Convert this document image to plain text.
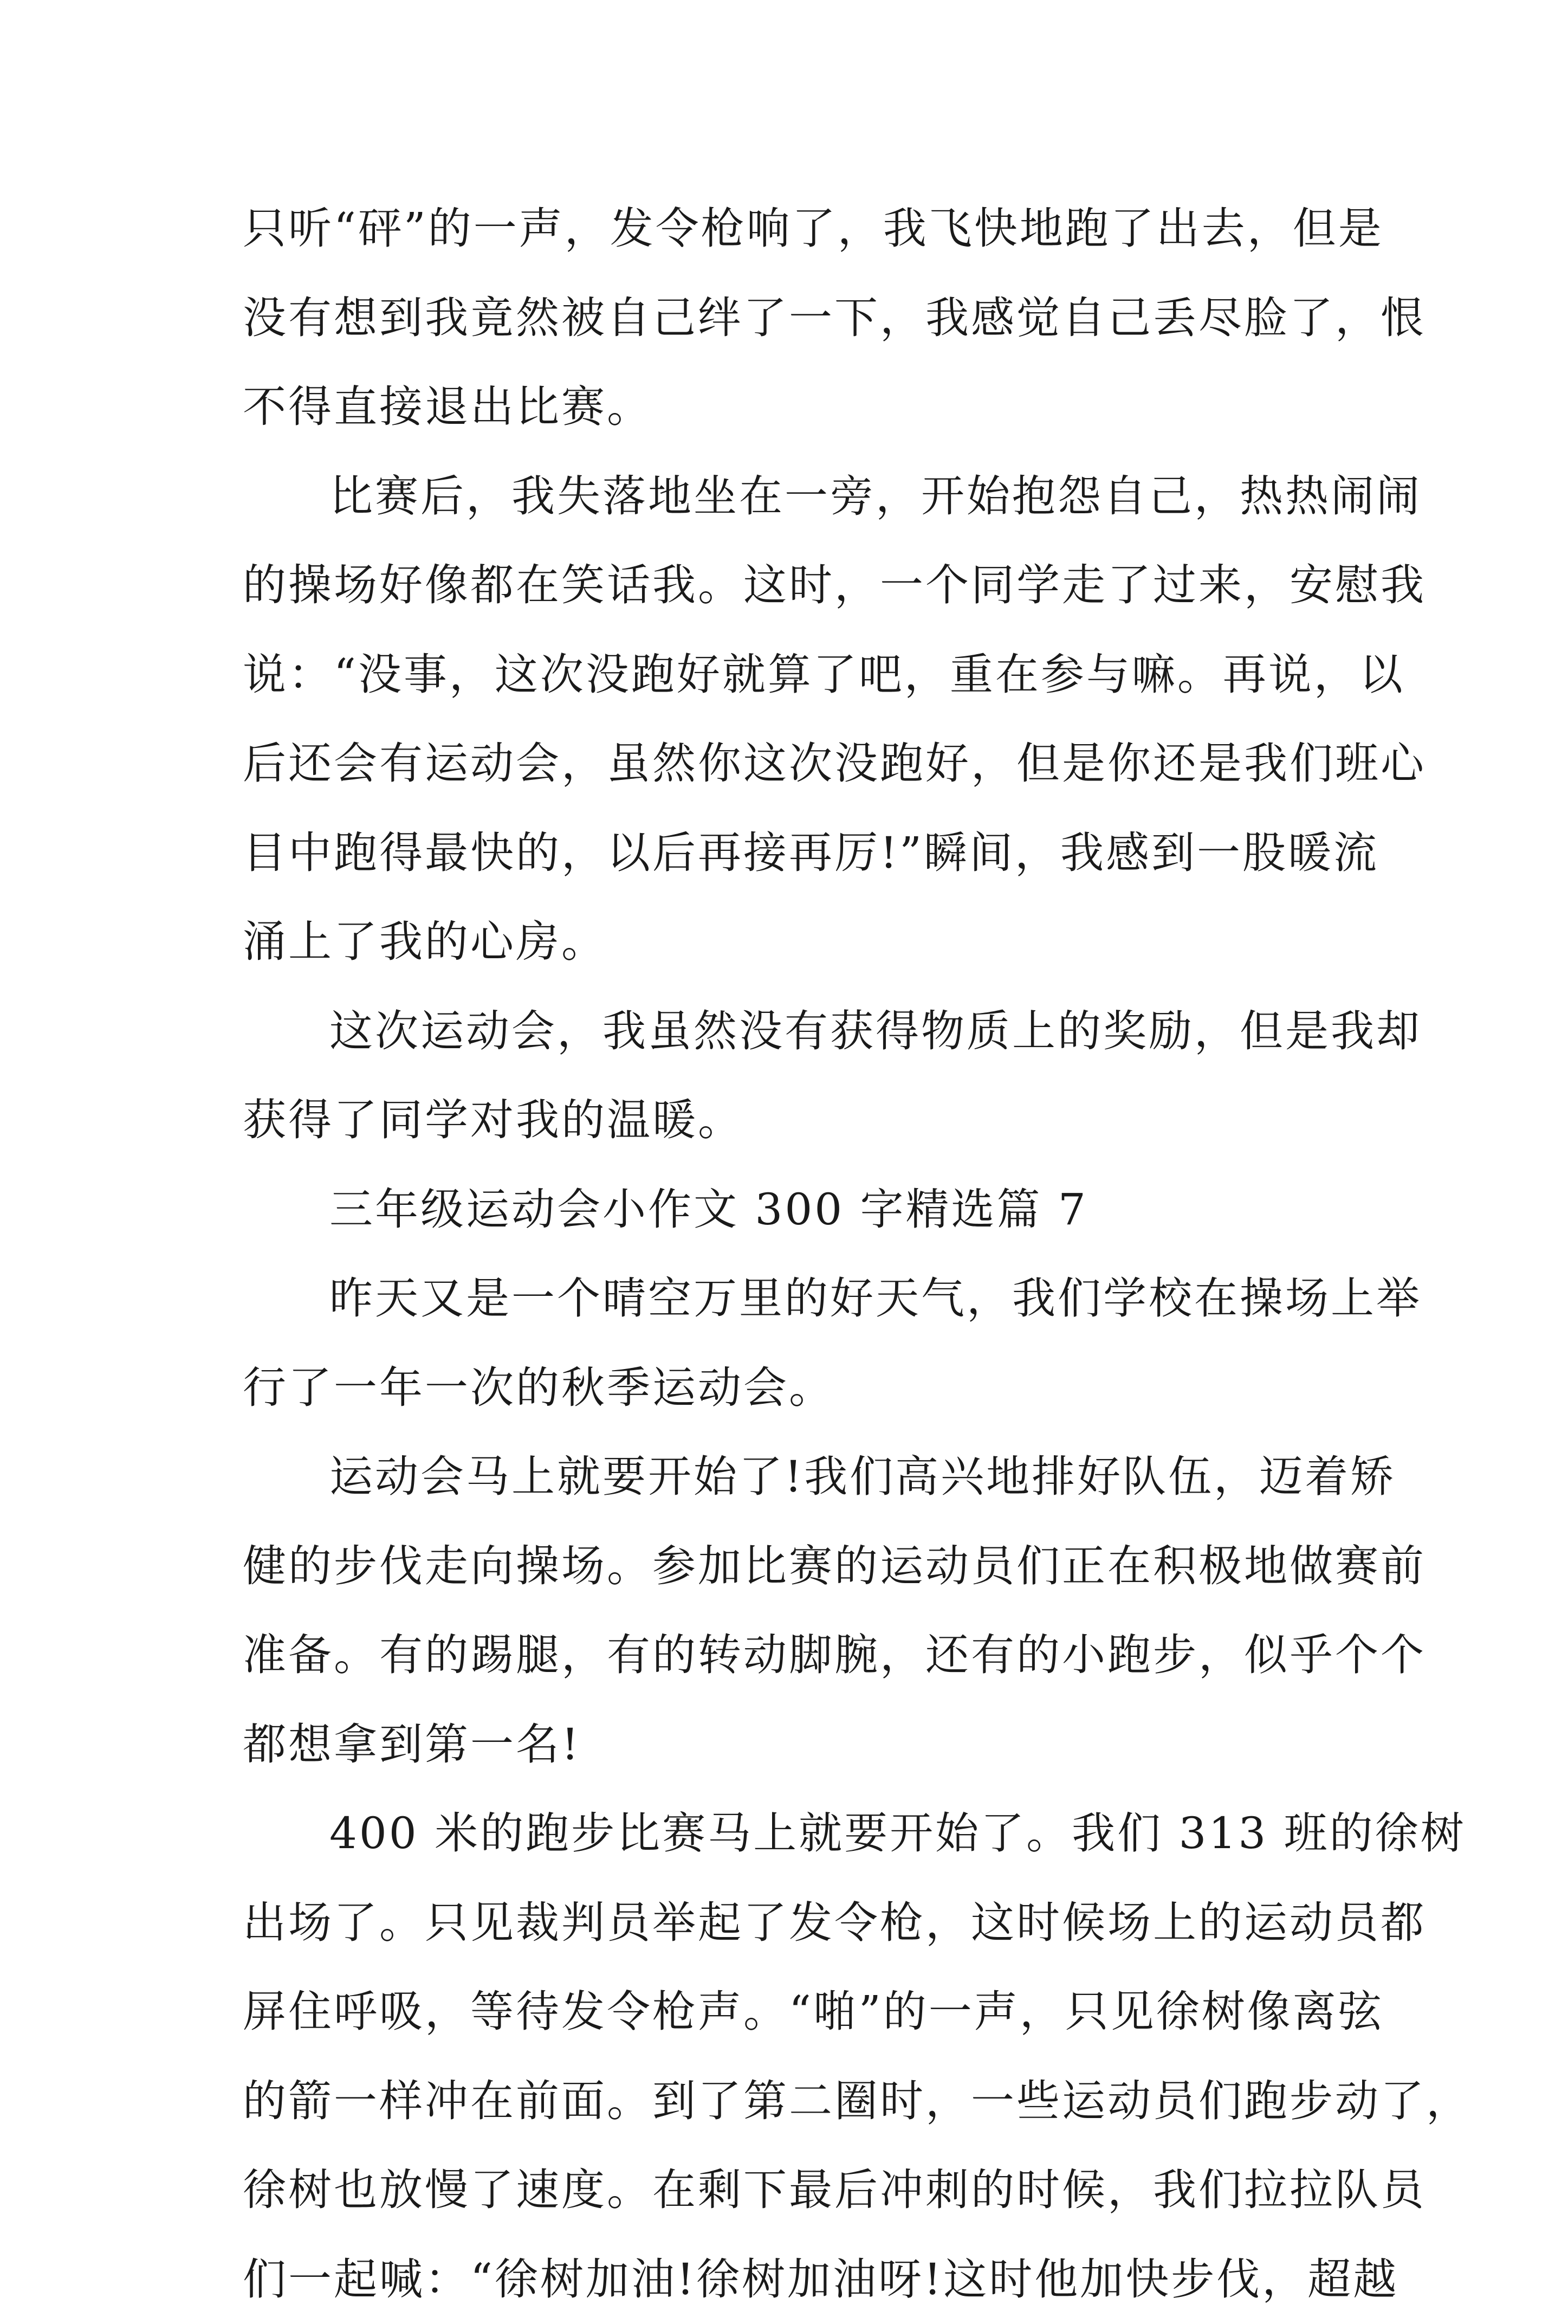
只听“砰”的一声，发令枪响了，我飞快地跑了出去，但是
没有想到我竟然被自己绊了一下，我感觉自己丢尽脸了，恨
不得直接退出比赛。
比赛后，我失落地坐在一旁，开始抱怨自己，热热闹闹
的操场好像都在笑话我。这时，一个同学走了过来，安慰我
说：“没事，这次没跑好就算了吧，重在参与嘛。再说，以
后还会有运动会，虽然你这次没跑好，但是你还是我们班心
目中跑得最快的，以后再接再厉!”瞬间，我感到一股暖流
涌上了我的心房。
这次运动会，我虽然没有获得物质上的奖励，但是我却
获得了同学对我的温暖。
三年级运动会小作文 300 字精选篇 7
昨天又是一个晴空万里的好天气，我们学校在操场上举
行了一年一次的秋季运动会。
运动会马上就要开始了!我们高兴地排好队伍，迈着矫
健的步伐走向操场。参加比赛的运动员们正在积极地做赛前
准备。有的踢腿，有的转动脚腕，还有的小跑步，似乎个个
都想拿到第一名!
400 米的跑步比赛马上就要开始了。我们 313 班的徐树
出场了。只见裁判员举起了发令枪，这时候场上的运动员都
屏住呼吸，等待发令枪声。“啪”的一声，只见徐树像离弦
的箭一样冲在前面。到了第二圈时，一些运动员们跑步动了，
徐树也放慢了速度。在剩下最后冲刺的时候，我们拉拉队员
们一起喊：“徐树加油!徐树加油呀!这时他加快步伐，超越
